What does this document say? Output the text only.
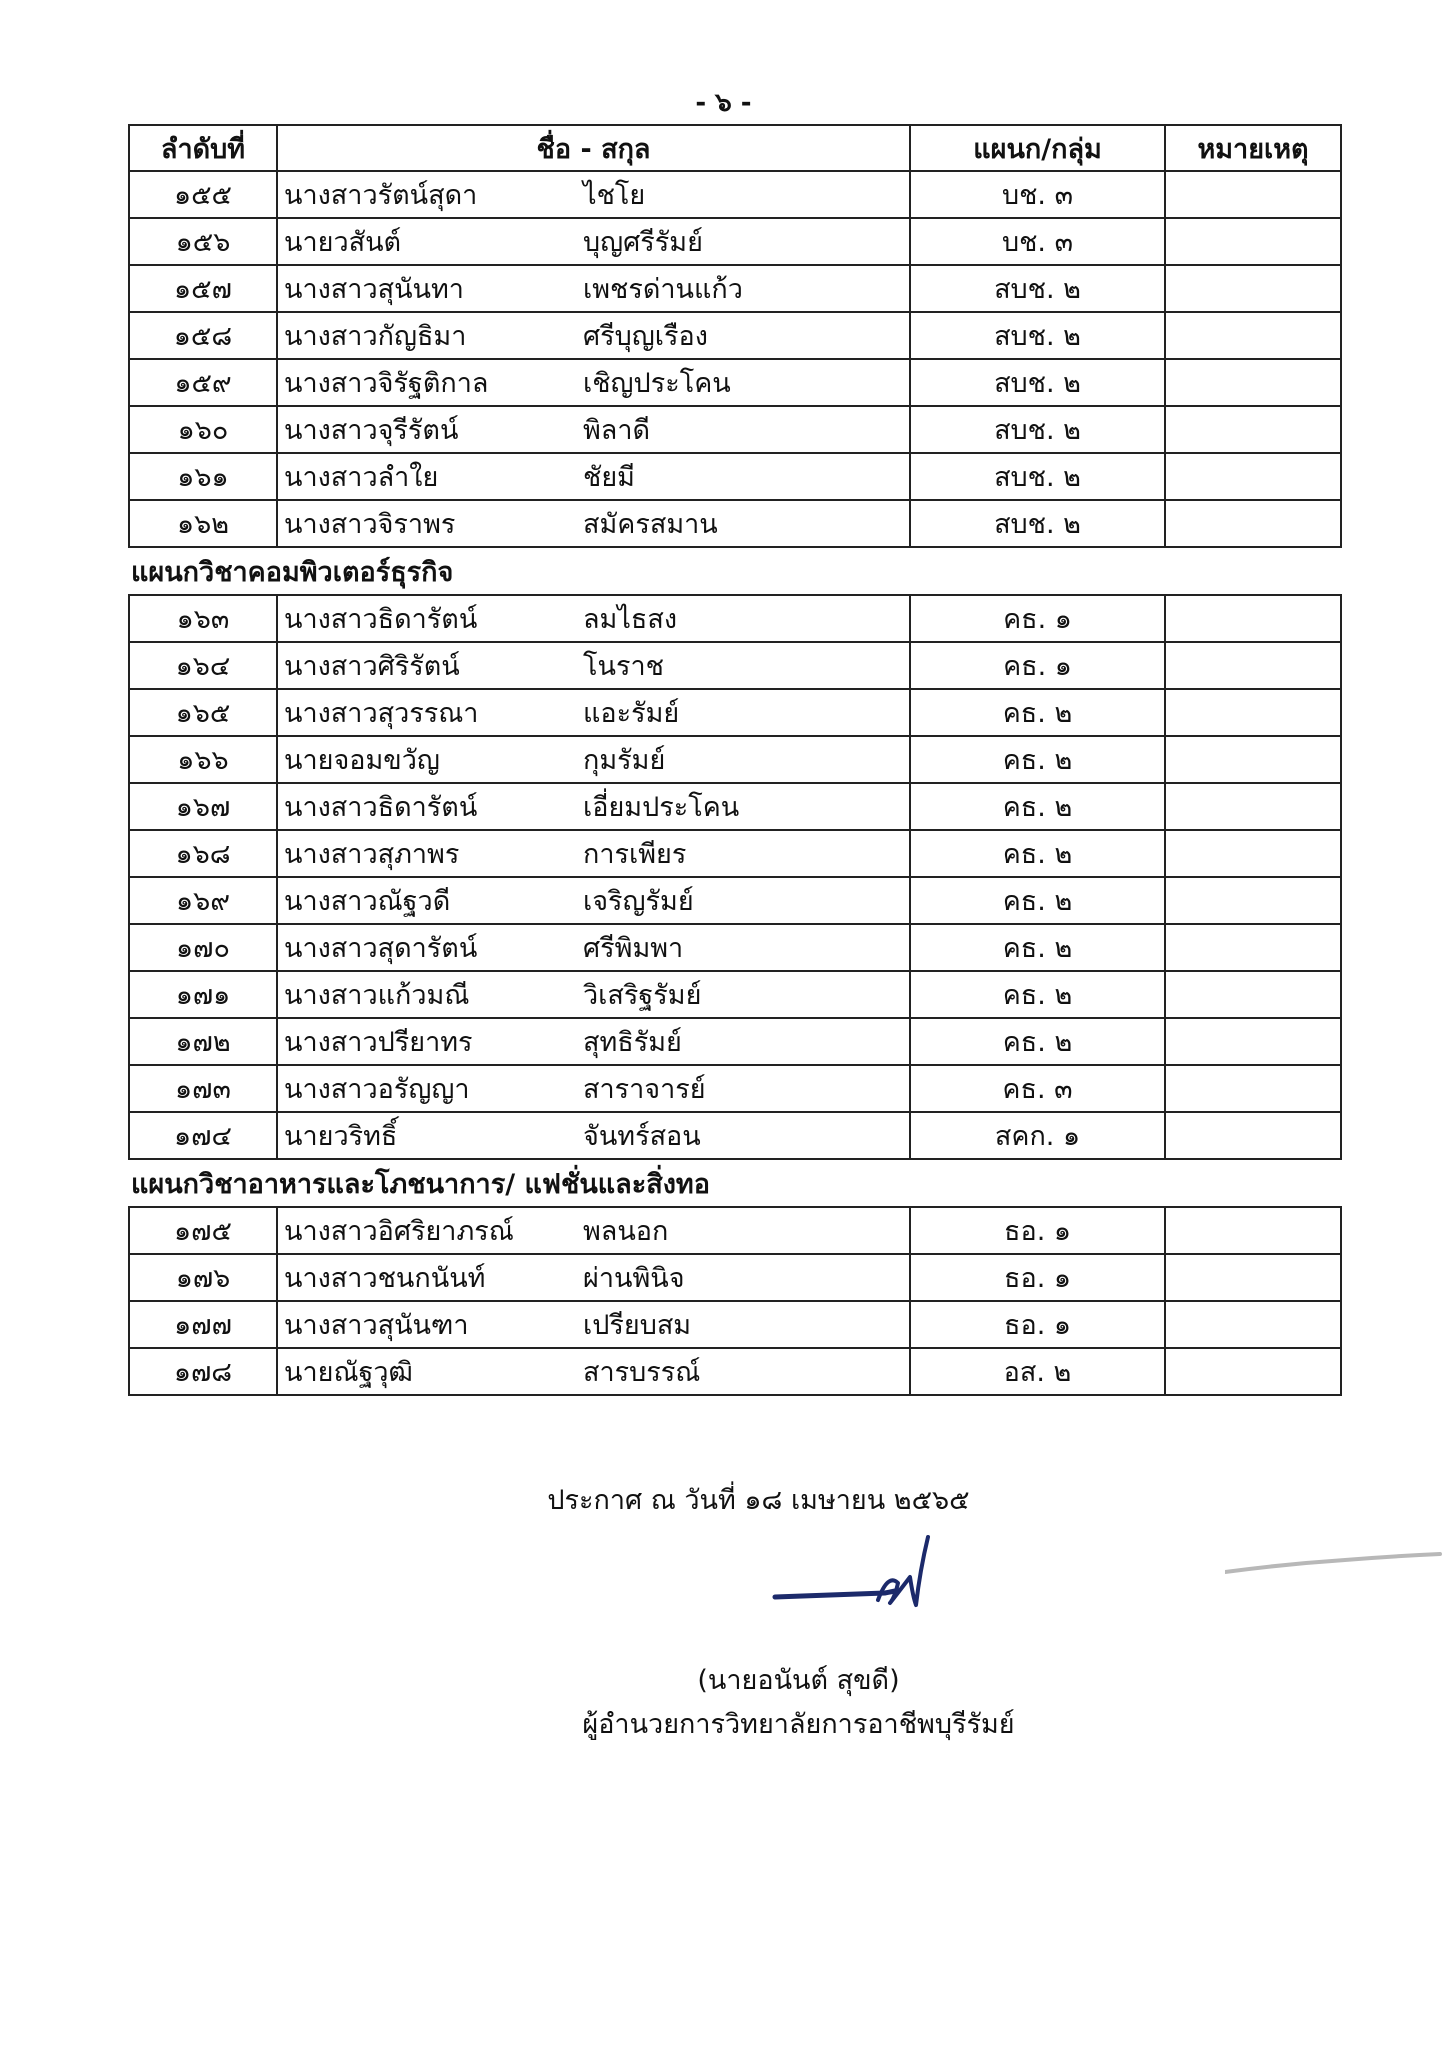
- ๖ -
ลำดับที่	ชื่อ - สกุล		แผนก/กลุ่ม	หมายเหตุ
๑๕๕	นางสาวรัตน์สุดา	ไชโย	บช. ๓	
๑๕๖	นายวสันต์	บุญศรีรัมย์	บช. ๓	
๑๕๗	นางสาวสุนันทา	เพชรด่านแก้ว	สบช. ๒	
๑๕๘	นางสาวกัญธิมา	ศรีบุญเรือง	สบช. ๒	
๑๕๙	นางสาวจิรัฐติกาล	เชิญประโคน	สบช. ๒	
๑๖๐	นางสาวจุรีรัตน์	พิลาดี	สบช. ๒	
๑๖๑	นางสาวลำใย	ชัยมี	สบช. ๒	
๑๖๒	นางสาวจิราพร	สมัครสมาน	สบช. ๒	
แผนกวิชาคอมพิวเตอร์ธุรกิจ				
๑๖๓	นางสาวธิดารัตน์	ลมไธสง	คธ. ๑	
๑๖๔	นางสาวศิริรัตน์	โนราช	คธ. ๑	
๑๖๕	นางสาวสุวรรณา	แอะรัมย์	คธ. ๒	
๑๖๖	นายจอมขวัญ	กุมรัมย์	คธ. ๒	
๑๖๗	นางสาวธิดารัตน์	เอี่ยมประโคน	คธ. ๒	
๑๖๘	นางสาวสุภาพร	การเพียร	คธ. ๒	
๑๖๙	นางสาวณัฐวดี	เจริญรัมย์	คธ. ๒	
๑๗๐	นางสาวสุดารัตน์	ศรีพิมพา	คธ. ๒	
๑๗๑	นางสาวแก้วมณี	วิเสริฐรัมย์	คธ. ๒	
๑๗๒	นางสาวปรียาทร	สุทธิรัมย์	คธ. ๒	
๑๗๓	นางสาวอรัญญา	สาราจารย์	คธ. ๓	
๑๗๔	นายวริทธิ์	จันทร์สอน	สคก. ๑	
แผนกวิชาอาหารและโภชนาการ/ แฟชั่นและสิ่งทอ				
๑๗๕	นางสาวอิศริยาภรณ์	พลนอก	ธอ. ๑	
๑๗๖	นางสาวชนกนันท์	ผ่านพินิจ	ธอ. ๑	
๑๗๗	นางสาวสุนันฑา	เปรียบสม	ธอ. ๑	
๑๗๘	นายณัฐวุฒิ	สารบรรณ์	อส. ๒	
ประกาศ ณ วันที่ ๑๘ เมษายน ๒๕๖๕
(นายอนันต์ สุขดี)
ผู้อำนวยการวิทยาลัยการอาชีพบุรีรัมย์
